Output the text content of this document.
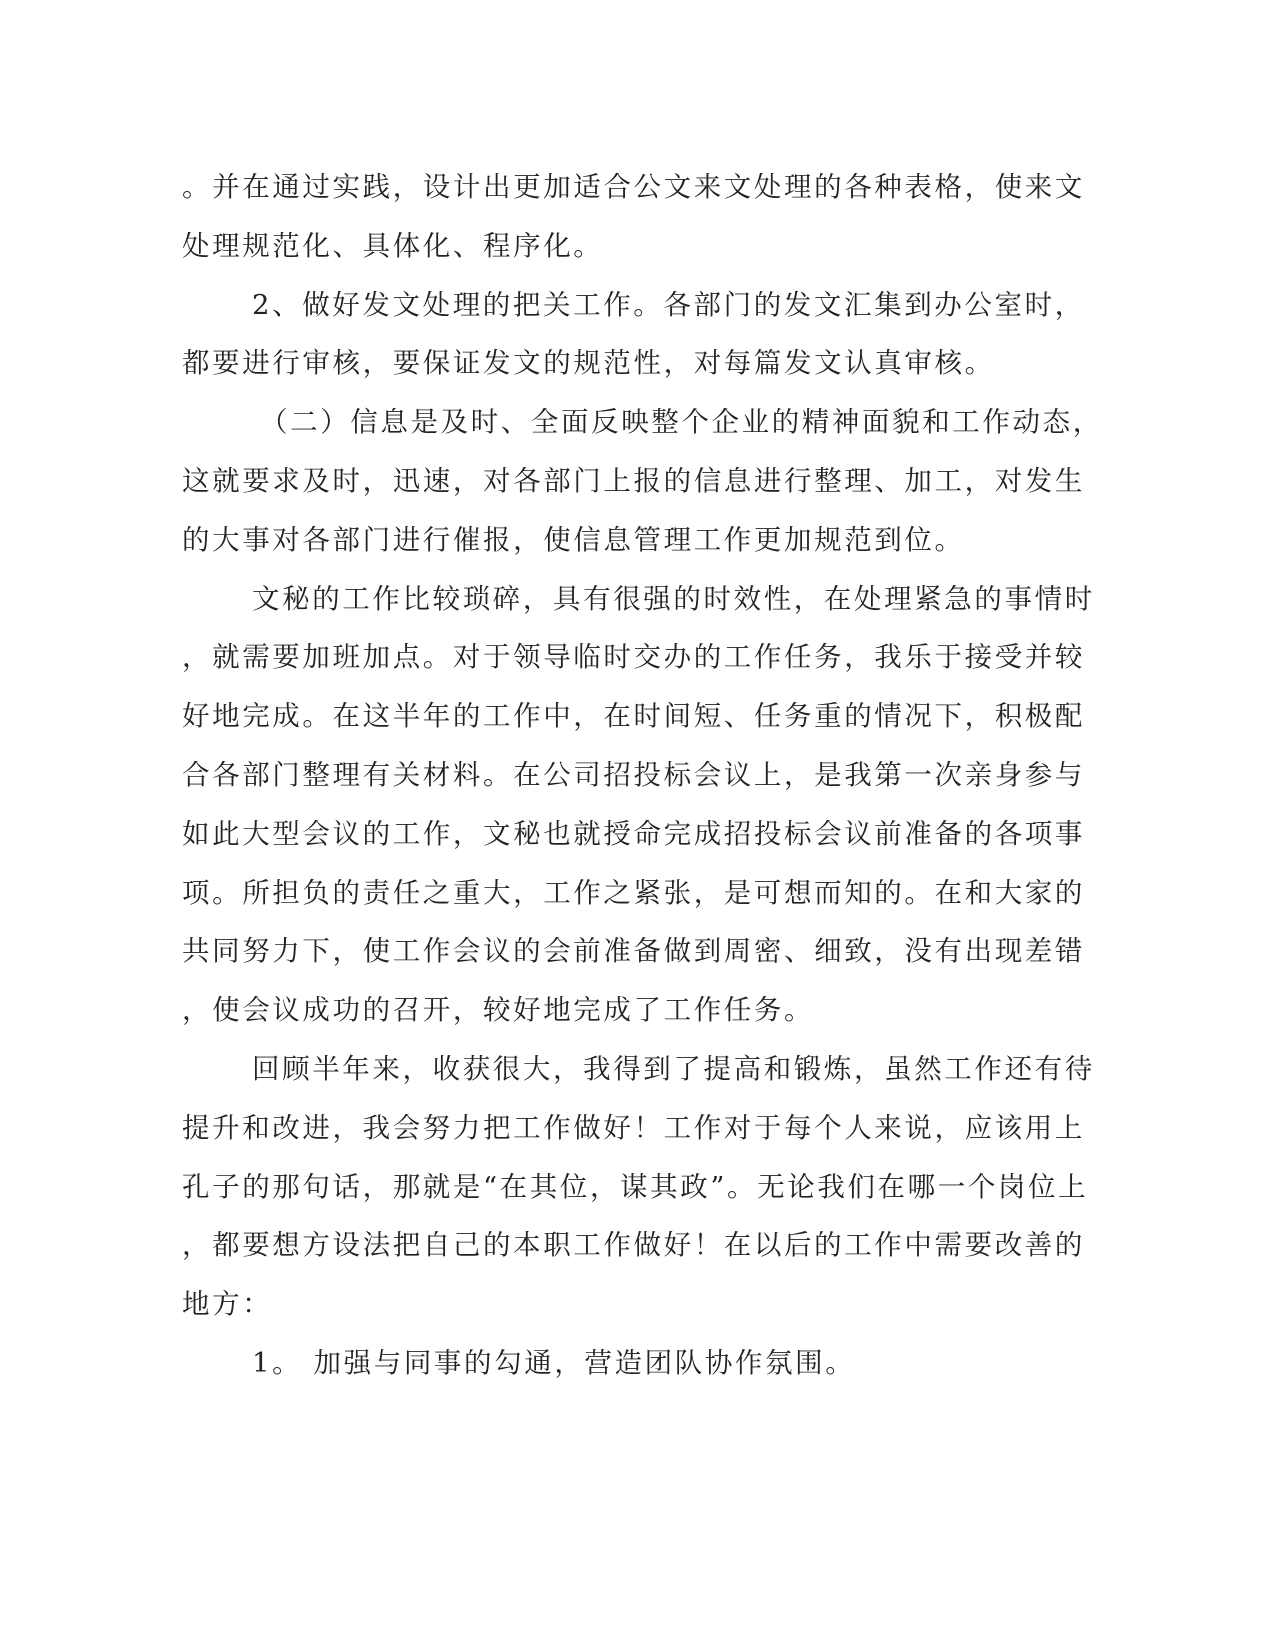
。并在通过实践，设计出更加适合公文来文处理的各种表格，使来文
处理规范化、具体化、程序化。
2、做好发文处理的把关工作。各部门的发文汇集到办公室时，
都要进行审核，要保证发文的规范性，对每篇发文认真审核。
（二）信息是及时、全面反映整个企业的精神面貌和工作动态，
这就要求及时，迅速，对各部门上报的信息进行整理、加工，对发生
的大事对各部门进行催报，使信息管理工作更加规范到位。
文秘的工作比较琐碎，具有很强的时效性，在处理紧急的事情时
，就需要加班加点。对于领导临时交办的工作任务，我乐于接受并较
好地完成。在这半年的工作中，在时间短、任务重的情况下，积极配
合各部门整理有关材料。在公司招投标会议上，是我第一次亲身参与
如此大型会议的工作，文秘也就授命完成招投标会议前准备的各项事
项。所担负的责任之重大，工作之紧张，是可想而知的。在和大家的
共同努力下，使工作会议的会前准备做到周密、细致，没有出现差错
，使会议成功的召开，较好地完成了工作任务。
回顾半年来，收获很大，我得到了提高和锻炼，虽然工作还有待
提升和改进，我会努力把工作做好！工作对于每个人来说，应该用上
孔子的那句话，那就是“在其位，谋其政”。无论我们在哪一个岗位上
，都要想方设法把自己的本职工作做好！在以后的工作中需要改善的
地方：
1。 加强与同事的勾通，营造团队协作氛围。
